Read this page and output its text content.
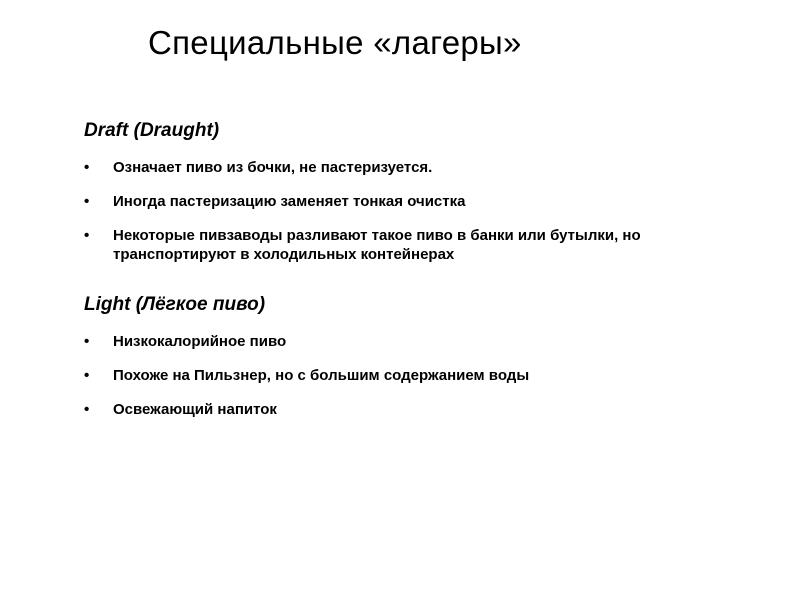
Специальные «лагеры»
Draft (Draught)
• Означает пиво из бочки, не пастеризуется.
• Иногда пастеризацию заменяет тонкая очистка
• Некоторые пивзаводы разливают такое пиво в банки или бутылки, но транспортируют в холодильных контейнерах
Light (Лёгкое пиво)
• Низкокалорийное пиво
• Похоже на Пильзнер, но с большим содержанием воды
• Освежающий напиток
